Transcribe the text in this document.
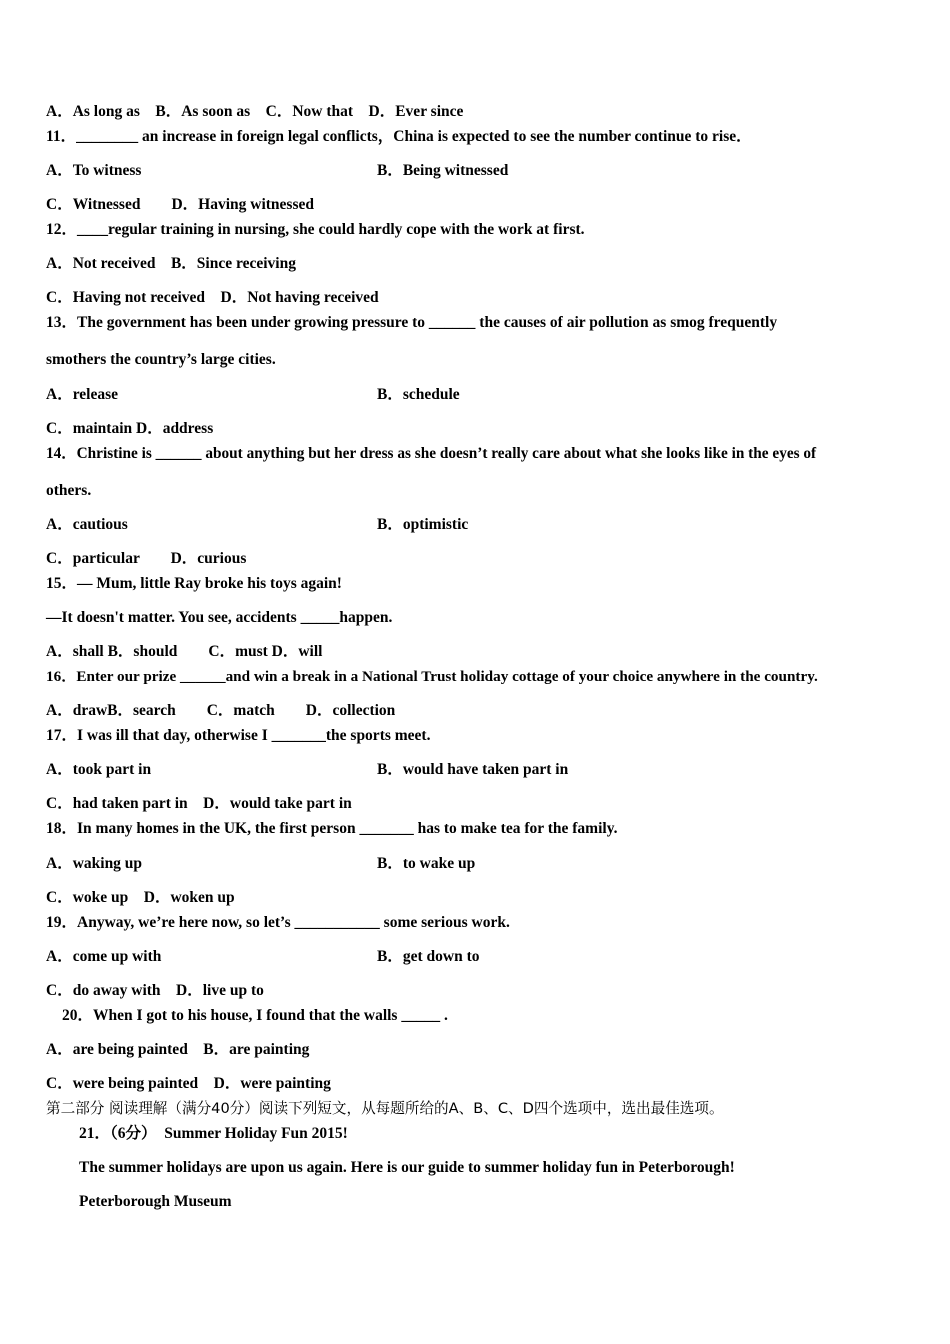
A．As long as　B．As soon as　C．Now that　D．Ever since
11．________ an increase in foreign legal conflicts，China is expected to see the number continue to rise．
A．To witness	B．Being witnessed
C．Witnessed　　D．Having witnessed
12．____regular training in nursing, she could hardly cope with the work at first.
A．Not received　B．Since receiving
C．Having not received　D．Not having received
13．The government has been under growing pressure to ______ the causes of air pollution as smog frequently
smothers the country’s large cities.
A．release	B．schedule
C．maintain D．address
14．Christine is ______ about anything but her dress as she doesn’t really care about what she looks like in the eyes of
others.
A．cautious	B．optimistic
C．particular　　D．curious
15．— Mum, little Ray broke his toys again!
—It doesn't matter. You see, accidents _____happen.
A．shall B．should　　C．must D．will
16．Enter our prize ______and win a break in a National Trust holiday cottage of your choice anywhere in the country.
A．drawB．search　　C．match　　D．collection
17．I was ill that day, otherwise I _______the sports meet.
A．took part in	B．would have taken part in
C．had taken part in　D．would take part in
18．In many homes in the UK, the first person _______ has to make tea for the family.
A．waking up	B．to wake up
C．woke up　D．woken up
19．Anyway, we’re here now, so let’s ___________ some serious work.
A．come up with	B．get down to
C．do away with　D．live up to
20．When I got to his house, I found that the walls _____ .
A．are being painted　B．are painting
C．were being painted　D．were painting
第二部分 阅读理解（满分40分）阅读下列短文，从每题所给的A、B、C、D四个选项中，选出最佳选项。
21．（6分）　Summer Holiday Fun 2015!
The summer holidays are upon us again. Here is our guide to summer holiday fun in Peterborough!
Peterborough Museum
